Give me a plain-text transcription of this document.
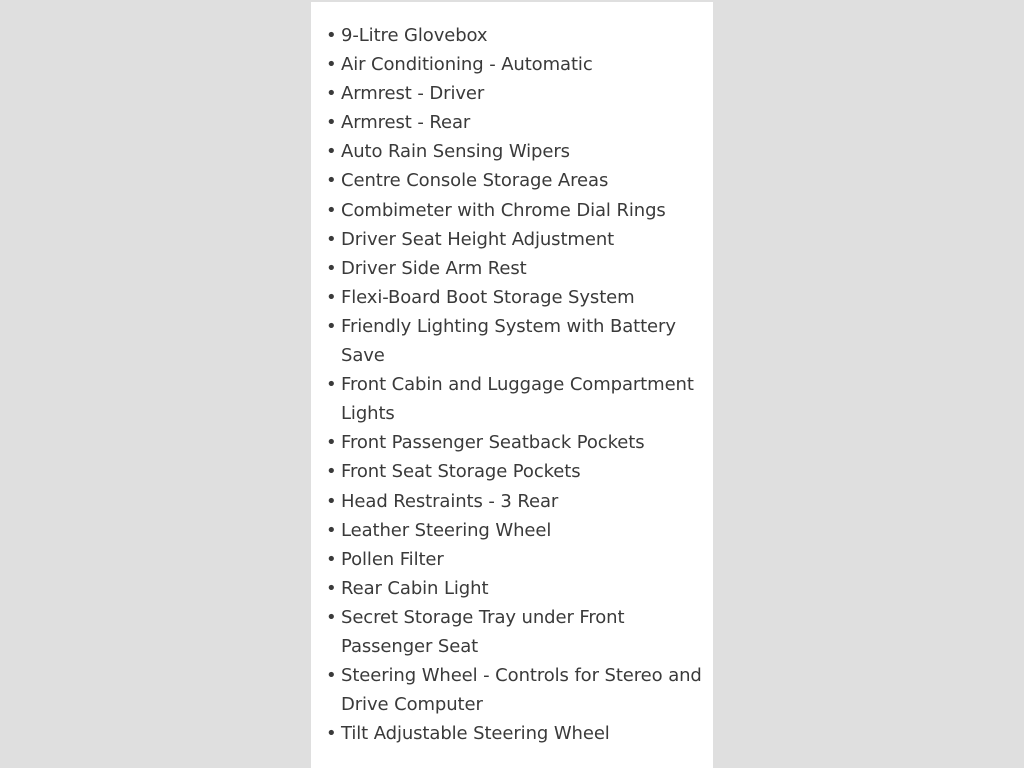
• 9-Litre Glovebox
• Air Conditioning - Automatic
• Armrest - Driver
• Armrest - Rear
• Auto Rain Sensing Wipers
• Centre Console Storage Areas
• Combimeter with Chrome Dial Rings
• Driver Seat Height Adjustment
• Driver Side Arm Rest
• Flexi-Board Boot Storage System
• Friendly Lighting System with Battery Save
• Front Cabin and Luggage Compartment Lights
• Front Passenger Seatback Pockets
• Front Seat Storage Pockets
• Head Restraints - 3 Rear
• Leather Steering Wheel
• Pollen Filter
• Rear Cabin Light
• Secret Storage Tray under Front Passenger Seat
• Steering Wheel - Controls for Stereo and Drive Computer
• Tilt Adjustable Steering Wheel
